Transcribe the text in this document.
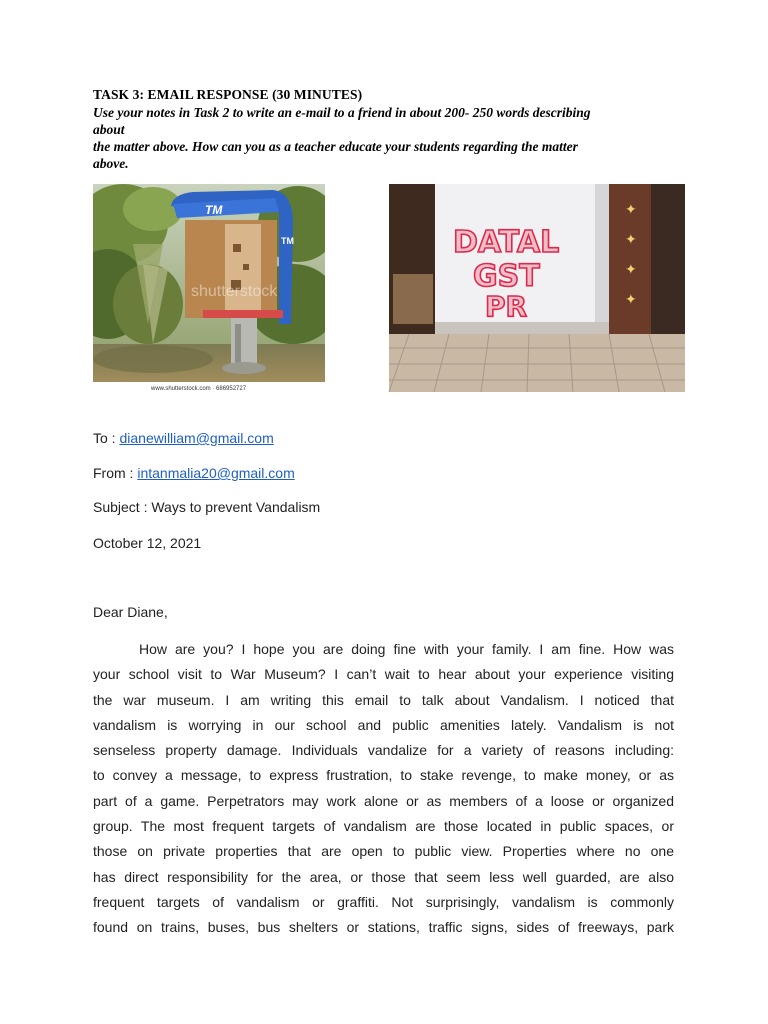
TASK 3: EMAIL RESPONSE (30 MINUTES)
Use your notes in Task 2 to write an e-mail to a friend in about 200- 250 words describing
about
the matter above. How can you as a teacher educate your students regarding the matter
above.
TM
TM
shutterstock
www.shutterstock.com · 686952727
✦
✦
✦
✦
DATAL
GST
PR
To : dianewilliam@gmail.com
From : intanmalia20@gmail.com
Subject : Ways to prevent Vandalism
October 12, 2021
Dear Diane,
How are you? I hope you are doing fine with your family. I am fine. How was
your school visit to War Museum? I can’t wait to hear about your experience visiting
the war museum. I am writing this email to talk about Vandalism. I noticed that
vandalism is worrying in our school and public amenities lately. Vandalism is not
senseless property damage. Individuals vandalize for a variety of reasons including:
to convey a message, to express frustration, to stake revenge, to make money, or as
part of a game. Perpetrators may work alone or as members of a loose or organized
group. The most frequent targets of vandalism are those located in public spaces, or
those on private properties that are open to public view. Properties where no one
has direct responsibility for the area, or those that seem less well guarded, are also
frequent targets of vandalism or graffiti. Not surprisingly, vandalism is commonly
found on trains, buses, bus shelters or stations, traffic signs, sides of freeways, park
